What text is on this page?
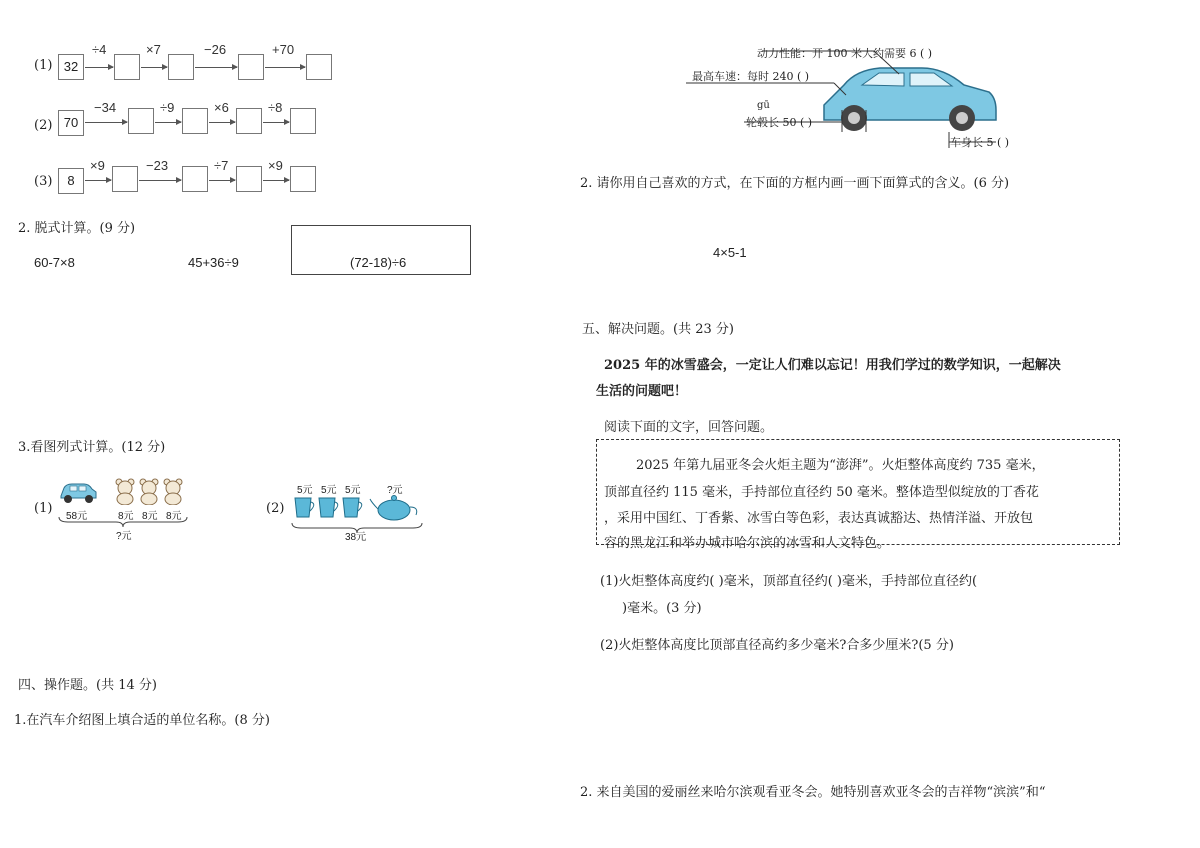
(1) 32
÷4	×7	−26	+70
(2) 70
−34	÷9	×6	÷8
(3)	8
×9	−23	÷7	×9
2. 脱式计算。(9 分)
60-7×8	45+36÷9	(72-18)÷6
3.看图列式计算。(12 分)
(1)
58元	8元 8元 8元
?元
(2)
5元 5元 5元	?元
38元
四、操作题。(共 14 分)
1.在汽车介绍图上填合适的单位名称。(8 分)
动力性能：开 100 米大约需要 6 ( )
最高车速：每时 240 ( )
gū
轮毂长 50 ( )
车身长 5 ( )
2. 请你用自己喜欢的方式，在下面的方框内画一画下面算式的含义。(6 分)
4×5-1
五、解决问题。(共 23 分)
2025 年的冰雪盛会，一定让人们难以忘记！用我们学过的数学知识，一起解决
生活的问题吧！
阅读下面的文字，回答问题。
2025 年第九届亚冬会火炬主题为“澎湃”。火炬整体高度约 735 毫米，
顶部直径约 115 毫米，手持部位直径约 50 毫米。整体造型似绽放的丁香花
，采用中国红、丁香紫、冰雪白等色彩，表达真诚豁达、热情洋溢、开放包
容的黑龙江和举办城市哈尔滨的冰雪和人文特色。
(1)火炬整体高度约( )毫米，顶部直径约( )毫米，手持部位直径约(
)毫米。(3 分)
(2)火炬整体高度比顶部直径高约多少毫米?合多少厘米?(5 分)
2. 来自美国的爱丽丝来哈尔滨观看亚冬会。她特别喜欢亚冬会的吉祥物“滨滨”和“
